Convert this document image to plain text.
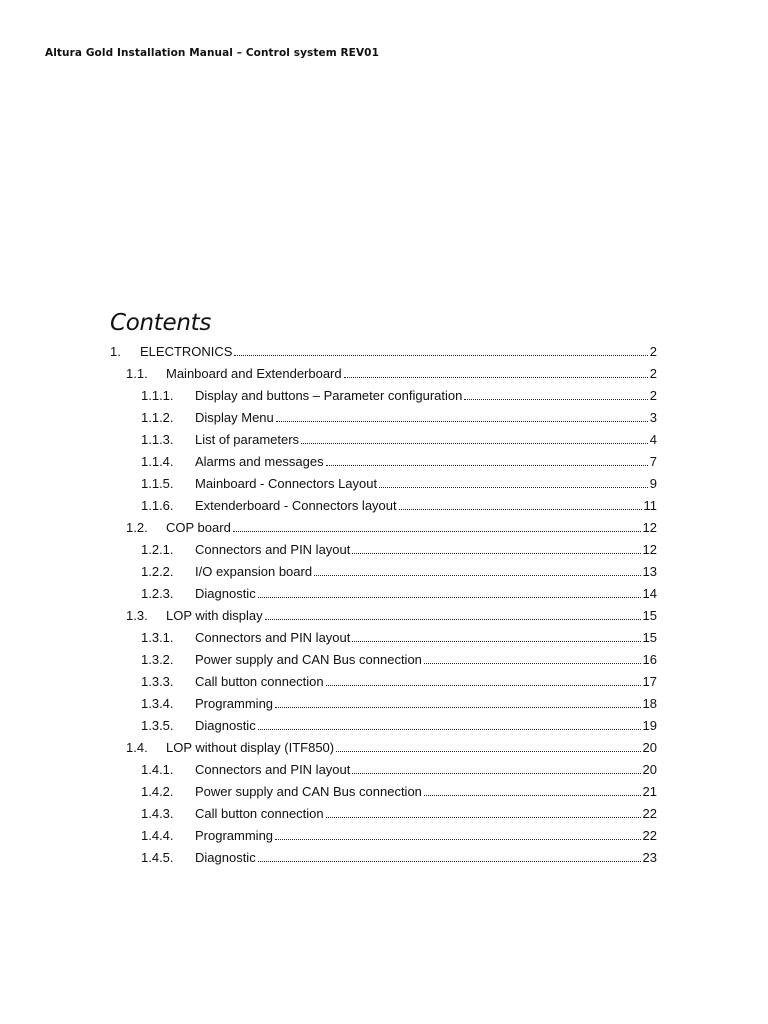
Altura Gold Installation Manual – Control system REV01
Contents
1.	ELECTRONICS	2
1.1.	Mainboard and Extenderboard	2
1.1.1.	Display and buttons – Parameter configuration	2
1.1.2.	Display Menu	3
1.1.3.	List of parameters	4
1.1.4.	Alarms and messages	7
1.1.5.	Mainboard - Connectors Layout	9
1.1.6.	Extenderboard - Connectors layout	11
1.2.	COP board	12
1.2.1.	Connectors and PIN layout	12
1.2.2.	I/O expansion board	13
1.2.3.	Diagnostic	14
1.3.	LOP with display	15
1.3.1.	Connectors and PIN layout	15
1.3.2.	Power supply and CAN Bus connection	16
1.3.3.	Call button connection	17
1.3.4.	Programming	18
1.3.5.	Diagnostic	19
1.4.	LOP without display (ITF850)	20
1.4.1.	Connectors and PIN layout	20
1.4.2.	Power supply and CAN Bus connection	21
1.4.3.	Call button connection	22
1.4.4.	Programming	22
1.4.5.	Diagnostic	23
